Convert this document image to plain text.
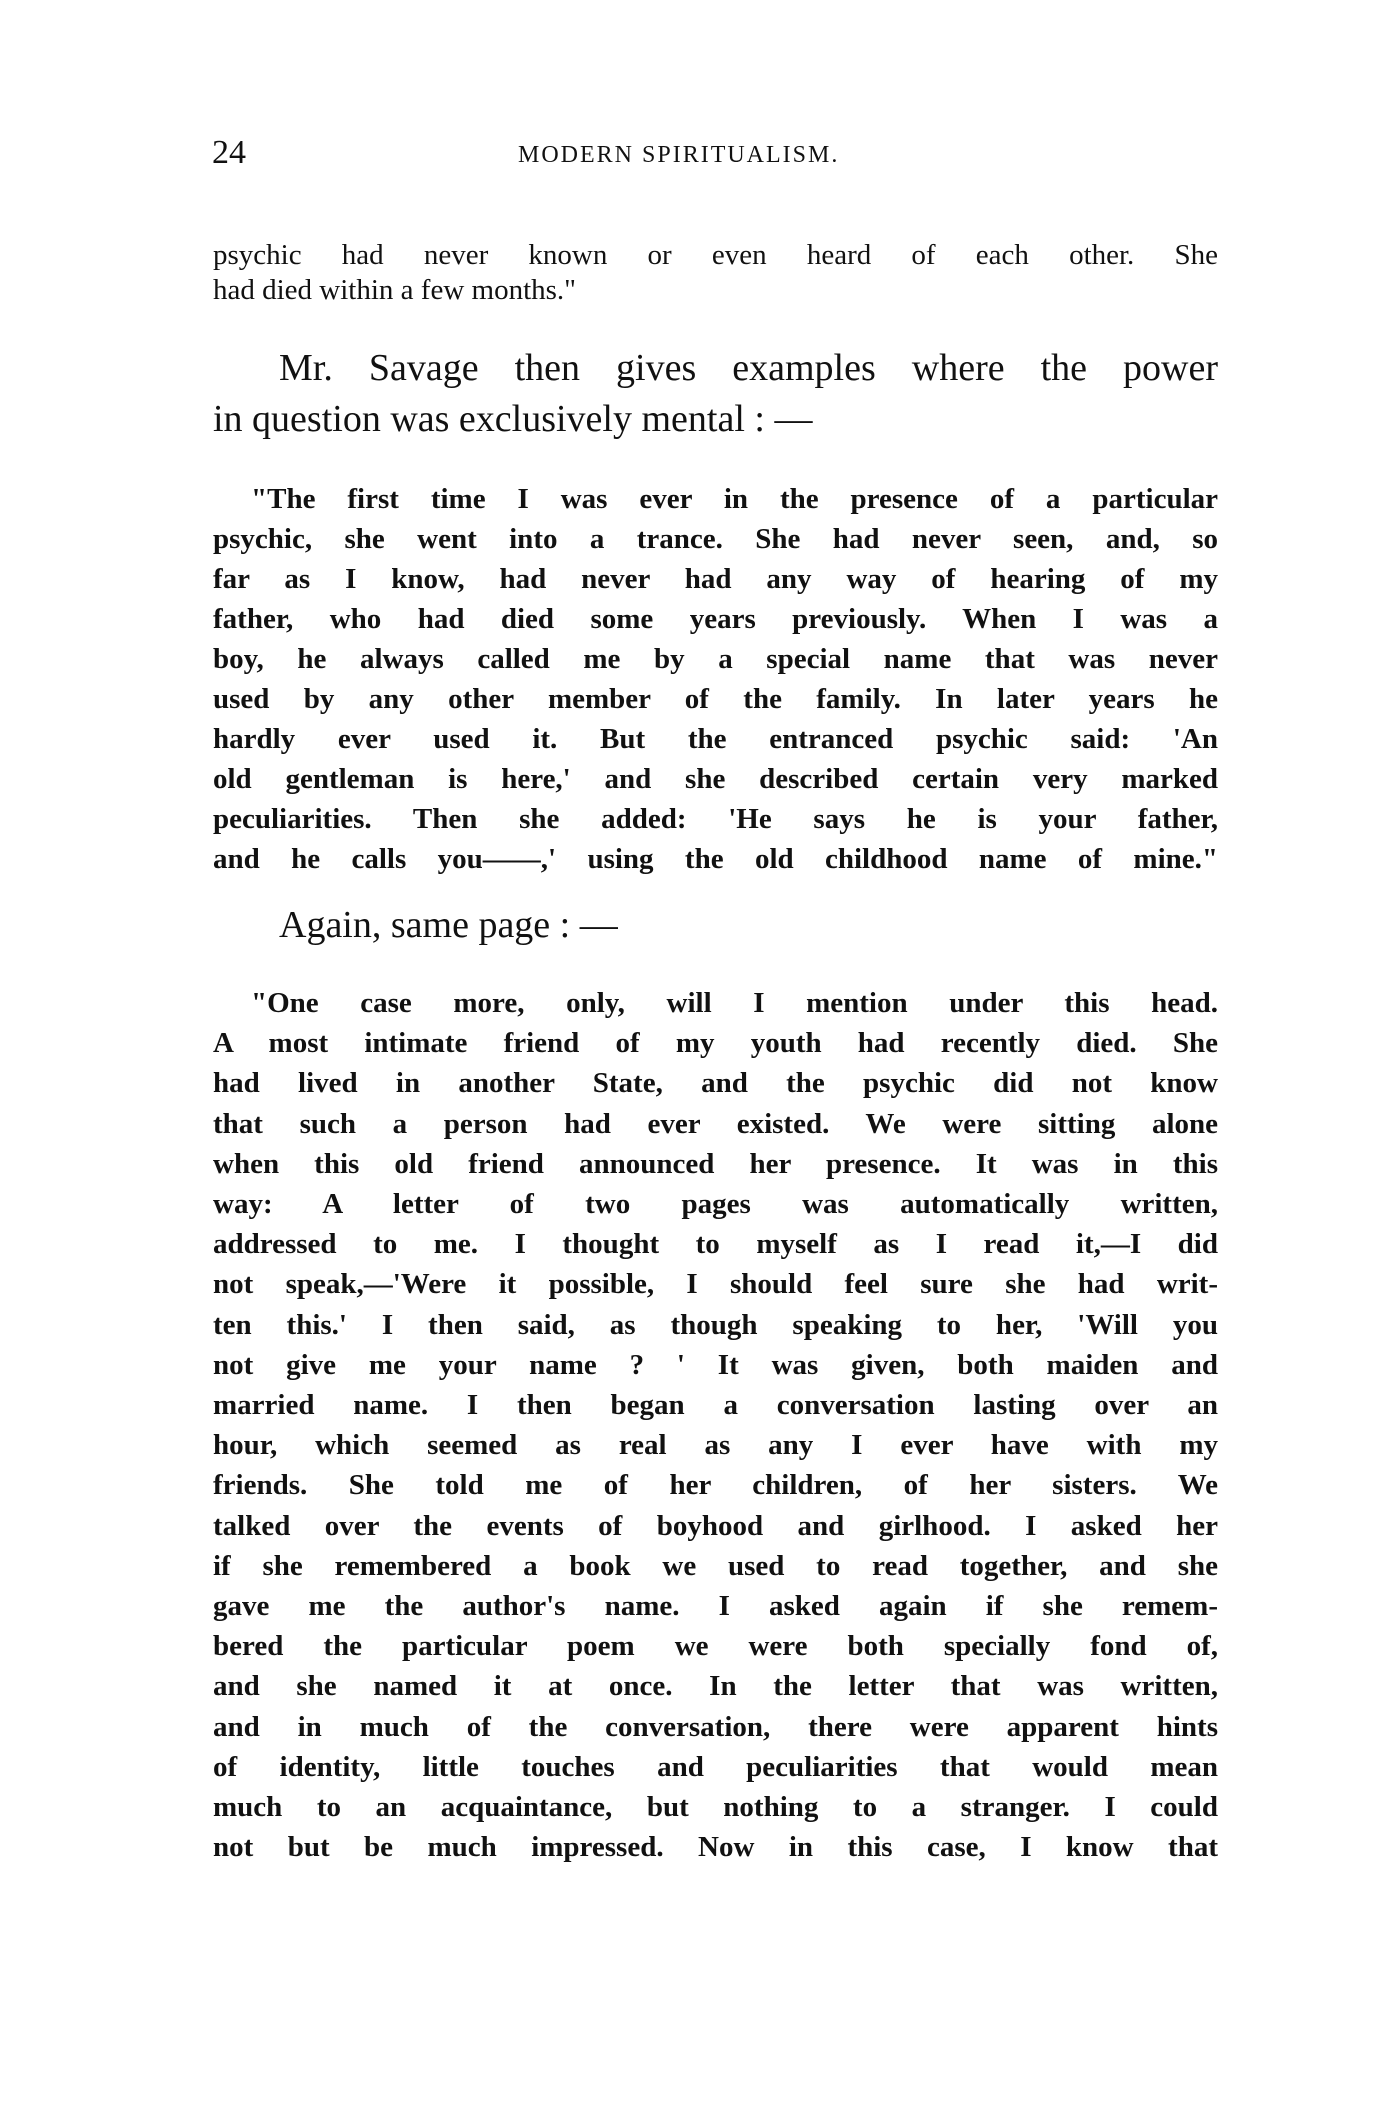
24	MODERN SPIRITUALISM.
psychic had never known or even heard of each other. She
had died within a few months."
Mr. Savage then gives examples where the power
in question was exclusively mental : —
"The first time I was ever in the presence of a particular
psychic, she went into a trance. She had never seen, and, so
far as I know, had never had any way of hearing of my
father, who had died some years previously. When I was a
boy, he always called me by a special name that was never
used by any other member of the family. In later years he
hardly ever used it. But the entranced psychic said: 'An
old gentleman is here,' and she described certain very marked
peculiarities. Then she added: 'He says he is your father,
and he calls you——,' using the old childhood name of mine."
Again, same page : —
"One case more, only, will I mention under this head.
A most intimate friend of my youth had recently died. She
had lived in another State, and the psychic did not know
that such a person had ever existed. We were sitting alone
when this old friend announced her presence. It was in this
way: A letter of two pages was automatically written,
addressed to me. I thought to myself as I read it,—I did
not speak,—'Were it possible, I should feel sure she had writ-
ten this.' I then said, as though speaking to her, 'Will you
not give me your name ? ' It was given, both maiden and
married name. I then began a conversation lasting over an
hour, which seemed as real as any I ever have with my
friends. She told me of her children, of her sisters. We
talked over the events of boyhood and girlhood. I asked her
if she remembered a book we used to read together, and she
gave me the author's name. I asked again if she remem-
bered the particular poem we were both specially fond of,
and she named it at once. In the letter that was written,
and in much of the conversation, there were apparent hints
of identity, little touches and peculiarities that would mean
much to an acquaintance, but nothing to a stranger. I could
not but be much impressed. Now in this case, I know that
